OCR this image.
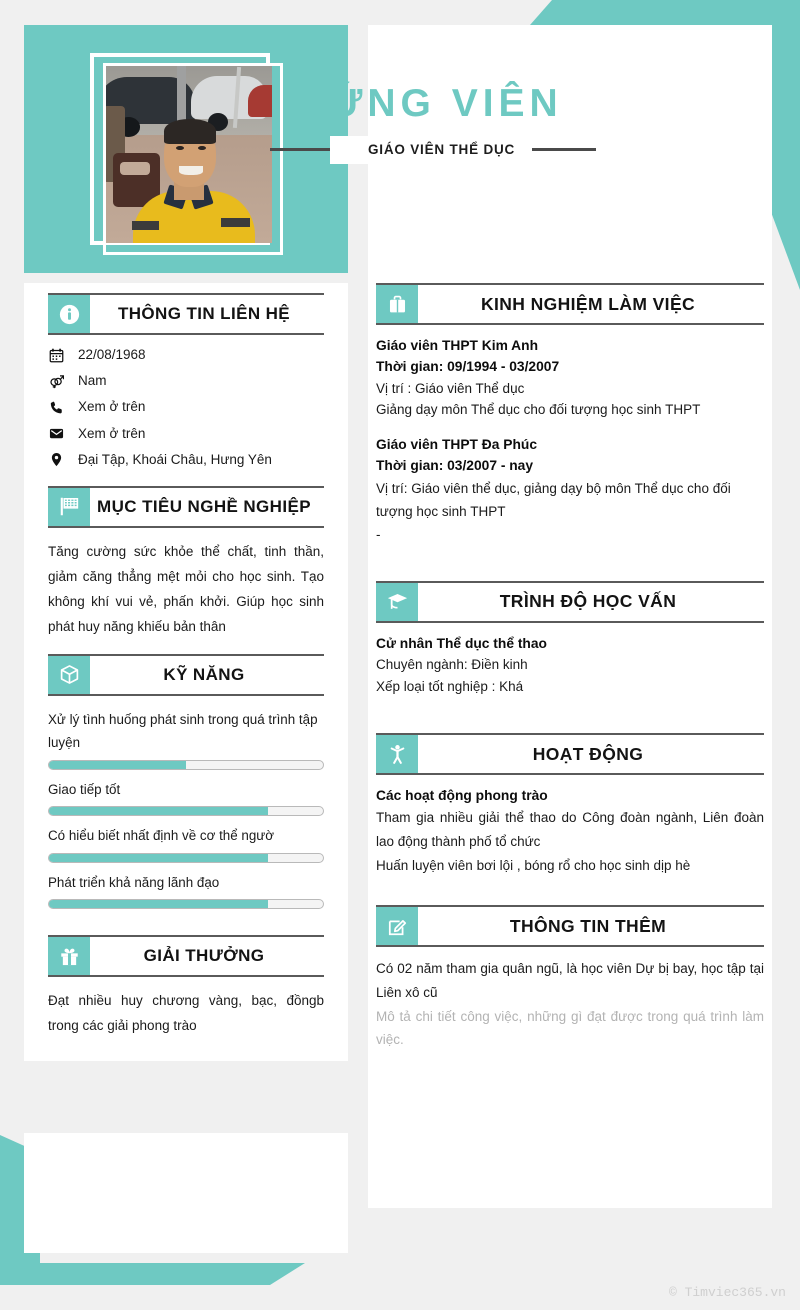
ỨNG VIÊN
GIÁO VIÊN THỂ DỤC
THÔNG TIN LIÊN HỆ
22/08/1968
Nam
Xem ở trên
Xem ở trên
Đại Tập, Khoái Châu, Hưng Yên
MỤC TIÊU NGHỀ NGHIỆP
Tăng cường sức khỏe thể chất, tinh thần, giảm căng thẳng mệt mỏi cho học sinh. Tạo không khí vui vẻ, phấn khởi. Giúp học sinh phát huy năng khiếu bản thân
KỸ NĂNG
Xử lý tình huống phát sinh trong quá trình tập luyện
Giao tiếp tốt
Có hiểu biết nhất định về cơ thể ngườ
Phát triển khả năng lãnh đạo
GIẢI THƯỞNG
Đạt nhiều huy chương vàng, bạc, đồngb trong các giải phong trào
KINH NGHIỆM LÀM VIỆC
Giáo viên THPT Kim Anh
Thời gian: 09/1994 - 03/2007
Vị trí : Giáo viên Thể dục
Giảng dạy môn Thể dục cho đối tượng học sinh THPT
Giáo viên THPT Đa Phúc
Thời gian: 03/2007 - nay
Vị trí: Giáo viên thể dục, giảng dạy bộ môn Thể dục cho đối tượng học sinh THPT
-
TRÌNH ĐỘ HỌC VẤN
Cử nhân Thể dục thể thao
Chuyên ngành: Điền kinh
Xếp loại tốt nghiệp : Khá
HOẠT ĐỘNG
Các hoạt động phong trào
Tham gia nhiều giải thể thao do Công đoàn ngành, Liên đoàn lao động thành phố tổ chức
Huấn luyện viên bơi lội , bóng rổ cho học sinh dịp hè
THÔNG TIN THÊM
Có 02 năm tham gia quân ngũ, là học viên Dự bị bay, học tập tại Liên xô cũ
Mô tả chi tiết công việc, những gì đạt được trong quá trình làm việc.
© Timviec365.vn
